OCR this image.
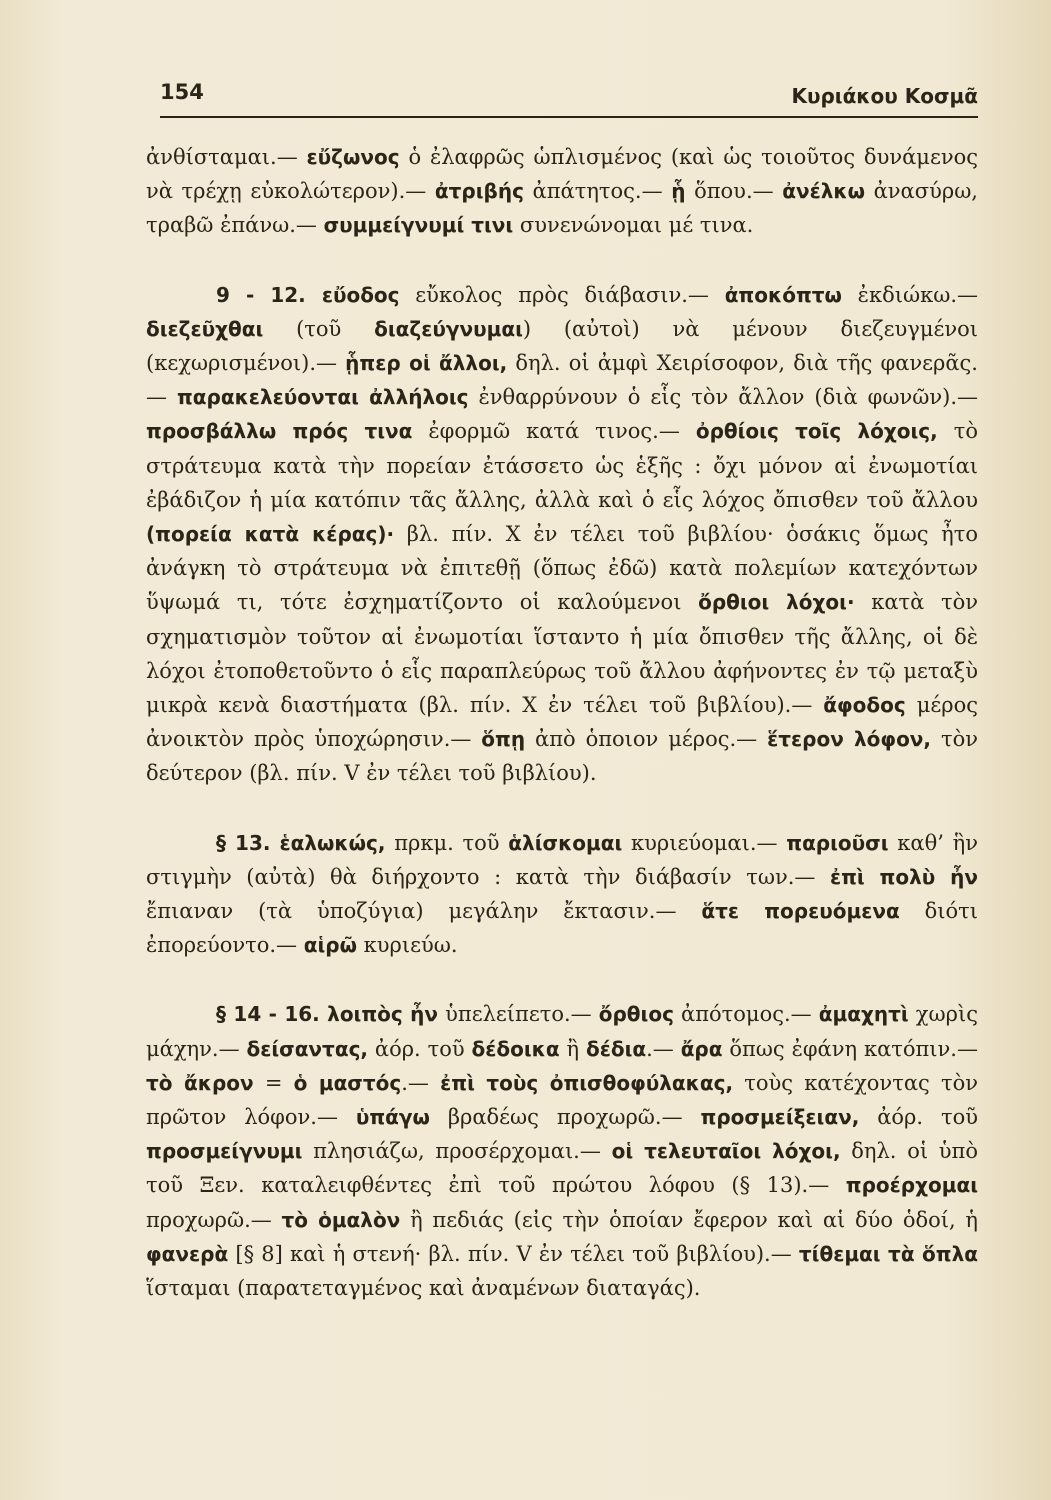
154	Κυριάκου Κοσμᾶ

ἀνθίσταμαι.— εὔζωνος ὁ ἐλαφρῶς ὡπλισμένος (καὶ ὡς τοιοῦτος δυνάμενος νὰ τρέχῃ εὐκολώτερον).— ἀτριβής ἀπάτητος.— ᾗ ὅπου.— ἀνέλκω ἀνασύρω, τραβῶ ἐπάνω.— συμμείγνυμί τινι συνενώνομαι μέ τινα.

9 - 12. εὔοδος εὔκολος πρὸς διάβασιν.— ἀποκόπτω ἐκδιώκω.— διεζεῦχθαι (τοῦ διαζεύγνυμαι) (αὐτοὶ) νὰ μένουν διεζευγμένοι (κεχωρισμένοι).— ᾗπερ οἱ ἄλλοι, δηλ. οἱ ἀμφὶ Χειρίσοφον, διὰ τῆς φανερᾶς.— παρακελεύονται ἀλλήλοις ἐνθαρρύνουν ὁ εἷς τὸν ἄλλον (διὰ φωνῶν).— προσβάλλω πρός τινα ἐφορμῶ κατά τινος.— ὀρθίοις τοῖς λόχοις, τὸ στράτευμα κατὰ τὴν πορείαν ἐτάσσετο ὡς ἑξῆς : ὄχι μόνον αἱ ἐνωμοτίαι ἐβάδιζον ἡ μία κατόπιν τᾶς ἄλλης, ἀλλὰ καὶ ὁ εἷς λόχος ὄπισθεν τοῦ ἄλλου (πορεία κατὰ κέρας)· βλ. πίν. X ἐν τέλει τοῦ βιβλίου· ὁσάκις ὅμως ἦτο ἀνάγκη τὸ στράτευμα νὰ ἐπιτεθῇ (ὅπως ἐδῶ) κατὰ πολεμίων κατεχόντων ὕψωμά τι, τότε ἐσχηματίζοντο οἱ καλούμενοι ὄρθιοι λόχοι· κατὰ τὸν σχηματισμὸν τοῦτον αἱ ἐνωμοτίαι ἵσταντο ἡ μία ὄπισθεν τῆς ἄλλης, οἱ δὲ λόχοι ἐτοποθετοῦντο ὁ εἷς παραπλεύρως τοῦ ἄλλου ἀφήνοντες ἐν τῷ μεταξὺ μικρὰ κενὰ διαστήματα (βλ. πίν. X ἐν τέλει τοῦ βιβλίου).— ἄφοδος μέρος ἀνοικτὸν πρὸς ὑποχώρησιν.— ὅπῃ ἀπὸ ὁποιον μέρος.— ἕτερον λόφον, τὸν δεύτερον (βλ. πίν. V ἐν τέλει τοῦ βιβλίου).

§ 13. ἑαλωκώς, πρκμ. τοῦ ἁλίσκομαι κυριεύομαι.— παριοῦσι καθ’ ἣν στιγμὴν (αὐτὰ) θὰ διήρχοντο : κατὰ τὴν διάβασίν των.— ἐπὶ πολὺ ἦν ἔπιαναν (τὰ ὑποζύγια) μεγάλην ἔκτασιν.— ἅτε πορευόμενα διότι ἐπορεύοντο.— αἱρῶ κυριεύω.

§ 14 - 16. λοιπὸς ἦν ὑπελείπετο.— ὄρθιος ἀπότομος.— ἀμαχητὶ χωρὶς μάχην.— δείσαντας, ἀόρ. τοῦ δέδοικα ἢ δέδια.— ἄρα ὅπως ἐφάνη κατόπιν.— τὸ ἄκρον = ὁ μαστός.— ἐπὶ τοὺς ὀπισθοφύλακας, τοὺς κατέχοντας τὸν πρῶτον λόφον.— ὑπάγω βραδέως προχωρῶ.— προσμείξειαν, ἀόρ. τοῦ προσμείγνυμι πλησιάζω, προσέρχομαι.— οἱ τελευταῖοι λόχοι, δηλ. οἱ ὑπὸ τοῦ Ξεν. καταλειφθέντες ἐπὶ τοῦ πρώτου λόφου (§ 13).— προέρχομαι προχωρῶ.— τὸ ὁμαλὸν ἢ πεδιάς (εἰς τὴν ὁποίαν ἔφερον καὶ αἱ δύο ὁδοί, ἡ φανερὰ [§ 8] καὶ ἡ στενή· βλ. πίν. V ἐν τέλει τοῦ βιβλίου).— τίθεμαι τὰ ὅπλα ἵσταμαι (παρατεταγμένος καὶ ἀναμένων διαταγάς).
